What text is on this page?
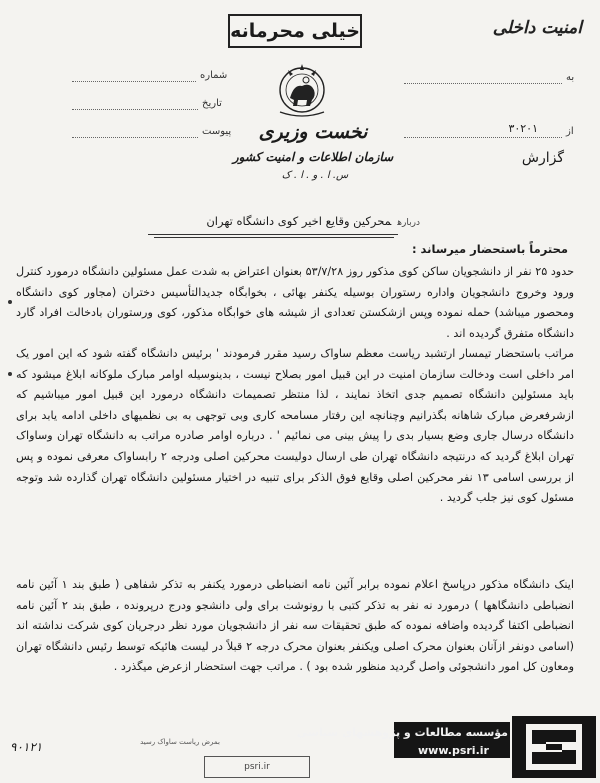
خیلی محرمانه	امنیت داخلی
شماره
تاریخ
پیوست
به
از
۳۰۲۰۱
نخست وزیری
سازمان اطلاعات و امنیت کشور
س. ا . و . ا . ک
گزارش
دربارهمحرکین وقایع اخیر کوی دانشگاه تهران
محترماً باستحضار میرساند :
حدود ۲۵ نفر از دانشجویان ساکن کوی مذکور روز ۵۳/۷/۲۸ بعنوان اعتراض به شدت عمل مسئولین دانشگاه درمورد کنترل ورود وخروج دانشجویان واداره رستوران بوسیله یکنفر بهائی ، بخوابگاه جدیدالتأسیس دختران (مجاور کوی دانشگاه ومحصور میباشد) حمله نموده وپس ازشکستن تعدادی از شیشه های خوابگاه مذکور، کوی ورستوران بادخالت افراد گارد دانشگاه متفرق گردیده اند .
مراتب باستحضار تیمسار ارتشبد ریاست معظم ساواک رسید مقرر فرمودند ' برئیس دانشگاه گفته شود که این امور یک امر داخلی است ودخالت سازمان امنیت در این قبیل امور بصلاح نیست ، بدینوسیله اوامر مبارک ملوکانه ابلاغ میشود که باید مسئولین دانشگاه تصمیم جدی اتخاذ نمایند ، لذا منتظر تصمیمات دانشگاه درمورد این قبیل امور میباشیم که ازشرفعرض مبارک شاهانه بگذرانیم وچنانچه این رفتار مسامحه کاری وبی توجهی به بی نظمیهای داخلی ادامه یابد برای دانشگاه درسال جاری وضع بسیار بدی را پیش بینی می نمائیم ' . درباره اوامر صادره مراتب به دانشگاه تهران وساواک تهران ابلاغ گردید که درنتیجه دانشگاه تهران طی ارسال دولیست محرکین اصلی ودرجه ۲ رابساواک معرفی نموده و پس از بررسی اسامی ۱۳ نفر محرکین اصلی وقایع فوق الذکر برای تنبیه در اختیار مسئولین دانشگاه تهران گذارده شد وتوجه مسئول کوی نیز جلب گردید .
اینک دانشگاه مذکور درپاسخ اعلام نموده برابر آئین نامه انضباطی درمورد یکنفر به تذکر شفاهی ( طبق بند ۱ آئین نامه انضباطی دانشگاهها ) درمورد نه نفر به تذکر کتبی با رونوشت برای ولی دانشجو ودرج درپرونده ، طبق بند ۲ آئین نامه انضباطی اکتفا گردیده واضافه نموده که طبق تحقیقات سه نفر از دانشجویان مورد نظر درجریان کوی شرکت نداشته اند (اسامی دونفر ازآنان بعنوان محرک اصلی ویکنفر بعنوان محرک درجه ۲ قبلاً در لیست هائیکه توسط رئیس دانشگاه تهران ومعاون کل امور دانشجوئی واصل گردید منظور شده بود ) . مراتب جهت استحضار ازعرض میگذرد .
۹۰۱۲۱	بمرض ریاست ساواک رسید
psri.ir
مؤسسه مطالعات و پژوهشهای سیاسی
www.psri.ir
